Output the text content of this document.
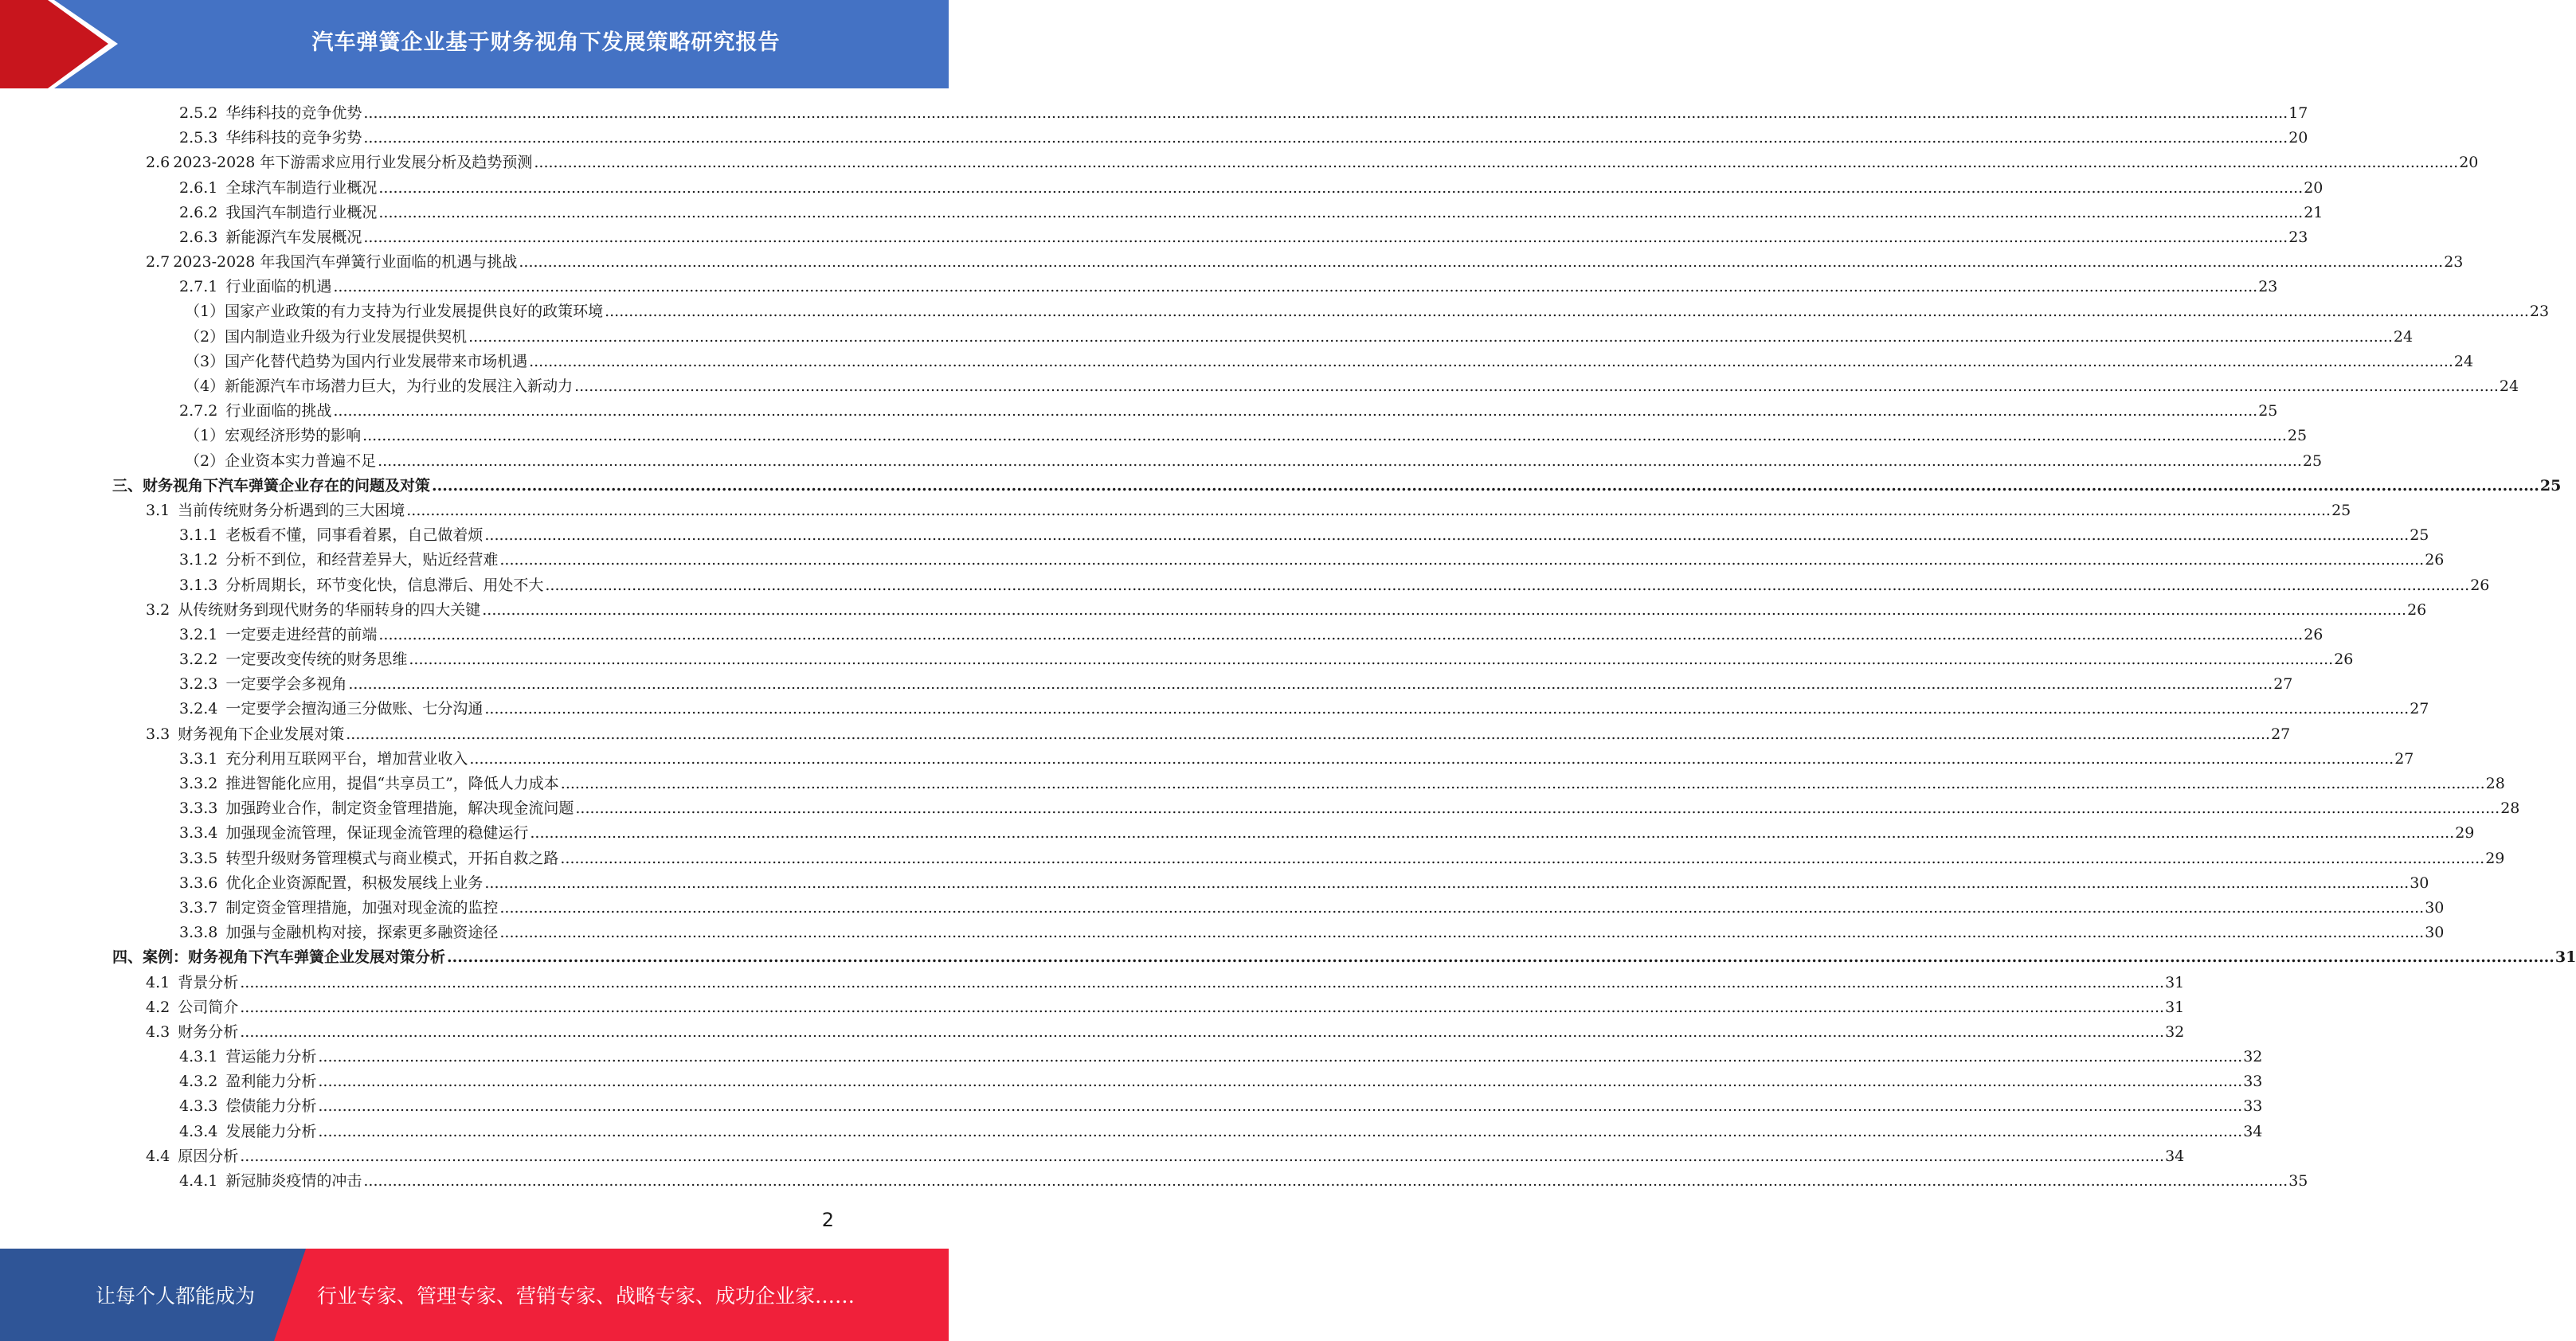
汽车弹簧企业基于财务视角下发展策略研究报告
2.5.2 华纬科技的竞争优势 ................................................................................................................................................................................................................................................................................................................................................................................................................ 17
2.5.3 华纬科技的竞争劣势 ................................................................................................................................................................................................................................................................................................................................................................................................................ 20
2.6 2023-2028 年下游需求应用行业发展分析及趋势预测 ................................................................................................................................................................................................................................................................................................................................................................................................................ 20
2.6.1 全球汽车制造行业概况 ................................................................................................................................................................................................................................................................................................................................................................................................................ 20
2.6.2 我国汽车制造行业概况 ................................................................................................................................................................................................................................................................................................................................................................................................................ 21
2.6.3 新能源汽车发展概况 ................................................................................................................................................................................................................................................................................................................................................................................................................ 23
2.7 2023-2028 年我国汽车弹簧行业面临的机遇与挑战 ................................................................................................................................................................................................................................................................................................................................................................................................................ 23
2.7.1 行业面临的机遇 ................................................................................................................................................................................................................................................................................................................................................................................................................ 23
（1）国家产业政策的有力支持为行业发展提供良好的政策环境 ................................................................................................................................................................................................................................................................................................................................................................................................................ 23
（2）国内制造业升级为行业发展提供契机 ................................................................................................................................................................................................................................................................................................................................................................................................................ 24
（3）国产化替代趋势为国内行业发展带来市场机遇 ................................................................................................................................................................................................................................................................................................................................................................................................................ 24
（4）新能源汽车市场潜力巨大，为行业的发展注入新动力 ................................................................................................................................................................................................................................................................................................................................................................................................................ 24
2.7.2 行业面临的挑战 ................................................................................................................................................................................................................................................................................................................................................................................................................ 25
（1）宏观经济形势的影响 ................................................................................................................................................................................................................................................................................................................................................................................................................ 25
（2）企业资本实力普遍不足 ................................................................................................................................................................................................................................................................................................................................................................................................................ 25
三、财务视角下汽车弹簧企业存在的问题及对策 ................................................................................................................................................................................................................................................................................................................................................................................................................ 25
3.1 当前传统财务分析遇到的三大困境 ................................................................................................................................................................................................................................................................................................................................................................................................................ 25
3.1.1 老板看不懂，同事看着累，自己做着烦 ................................................................................................................................................................................................................................................................................................................................................................................................................ 25
3.1.2 分析不到位，和经营差异大，贴近经营难 ................................................................................................................................................................................................................................................................................................................................................................................................................ 26
3.1.3 分析周期长，环节变化快，信息滞后、用处不大 ................................................................................................................................................................................................................................................................................................................................................................................................................ 26
3.2 从传统财务到现代财务的华丽转身的四大关键 ................................................................................................................................................................................................................................................................................................................................................................................................................ 26
3.2.1 一定要走进经营的前端 ................................................................................................................................................................................................................................................................................................................................................................................................................ 26
3.2.2 一定要改变传统的财务思维 ................................................................................................................................................................................................................................................................................................................................................................................................................ 26
3.2.3 一定要学会多视角 ................................................................................................................................................................................................................................................................................................................................................................................................................ 27
3.2.4 一定要学会擅沟通三分做账、七分沟通 ................................................................................................................................................................................................................................................................................................................................................................................................................ 27
3.3 财务视角下企业发展对策 ................................................................................................................................................................................................................................................................................................................................................................................................................ 27
3.3.1 充分利用互联网平台，增加营业收入 ................................................................................................................................................................................................................................................................................................................................................................................................................ 27
3.3.2 推进智能化应用，提倡“共享员工”，降低人力成本 ................................................................................................................................................................................................................................................................................................................................................................................................................ 28
3.3.3 加强跨业合作，制定资金管理措施，解决现金流问题 ................................................................................................................................................................................................................................................................................................................................................................................................................ 28
3.3.4 加强现金流管理，保证现金流管理的稳健运行 ................................................................................................................................................................................................................................................................................................................................................................................................................ 29
3.3.5 转型升级财务管理模式与商业模式，开拓自救之路 ................................................................................................................................................................................................................................................................................................................................................................................................................ 29
3.3.6 优化企业资源配置，积极发展线上业务 ................................................................................................................................................................................................................................................................................................................................................................................................................ 30
3.3.7 制定资金管理措施，加强对现金流的监控 ................................................................................................................................................................................................................................................................................................................................................................................................................ 30
3.3.8 加强与金融机构对接，探索更多融资途径 ................................................................................................................................................................................................................................................................................................................................................................................................................ 30
四、案例：财务视角下汽车弹簧企业发展对策分析 ................................................................................................................................................................................................................................................................................................................................................................................................................ 31
4.1 背景分析 ................................................................................................................................................................................................................................................................................................................................................................................................................ 31
4.2 公司简介 ................................................................................................................................................................................................................................................................................................................................................................................................................ 31
4.3 财务分析 ................................................................................................................................................................................................................................................................................................................................................................................................................ 32
4.3.1 营运能力分析 ................................................................................................................................................................................................................................................................................................................................................................................................................ 32
4.3.2 盈利能力分析 ................................................................................................................................................................................................................................................................................................................................................................................................................ 33
4.3.3 偿债能力分析 ................................................................................................................................................................................................................................................................................................................................................................................................................ 33
4.3.4 发展能力分析 ................................................................................................................................................................................................................................................................................................................................................................................................................ 34
4.4 原因分析 ................................................................................................................................................................................................................................................................................................................................................................................................................ 34
4.4.1 新冠肺炎疫情的冲击 ................................................................................................................................................................................................................................................................................................................................................................................................................ 35
2
让每个人都能成为	行业专家、管理专家、营销专家、战略专家、成功企业家……
